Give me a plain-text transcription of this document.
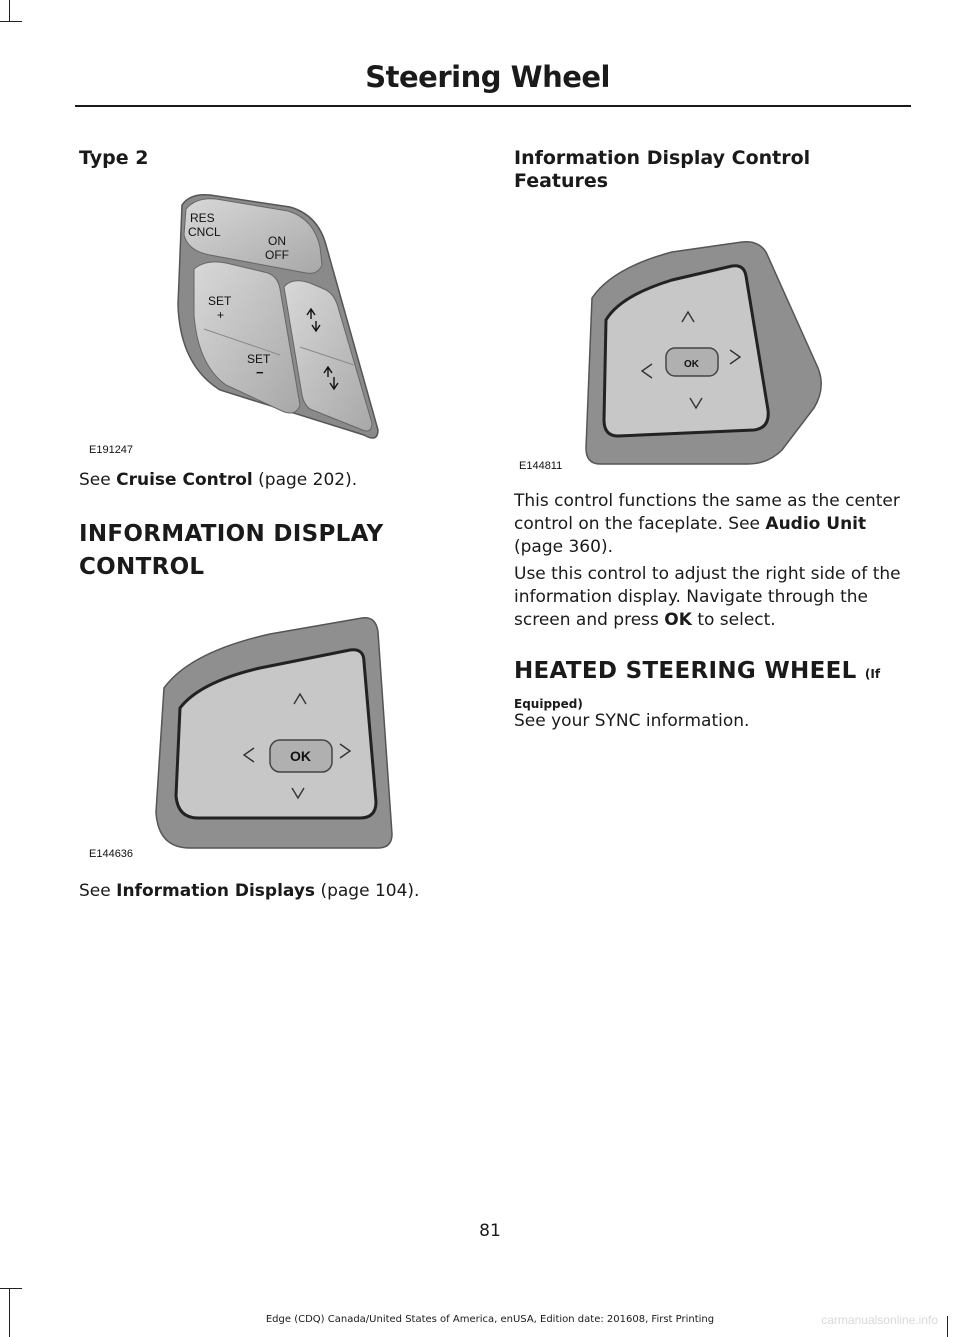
Steering Wheel
Type 2
RES
CNCL
ON
OFF
SET
+
SET
−
E191247

See Cruise Control (page 202).

INFORMATION DISPLAY
CONTROL
OK
E144636

See Information Displays (page 104).

Information Display Control
Features
OK
E144811

This control functions the same as the center control on the faceplate. See Audio Unit (page 360).

Use this control to adjust the right side of the information display. Navigate through the screen and press OK to select.

HEATED STEERING WHEEL (If
Equipped)

See your SYNC information.

81
Edge (CDQ) Canada/United States of America, enUSA, Edition date: 201608, First Printing	carmanualsonline.info
